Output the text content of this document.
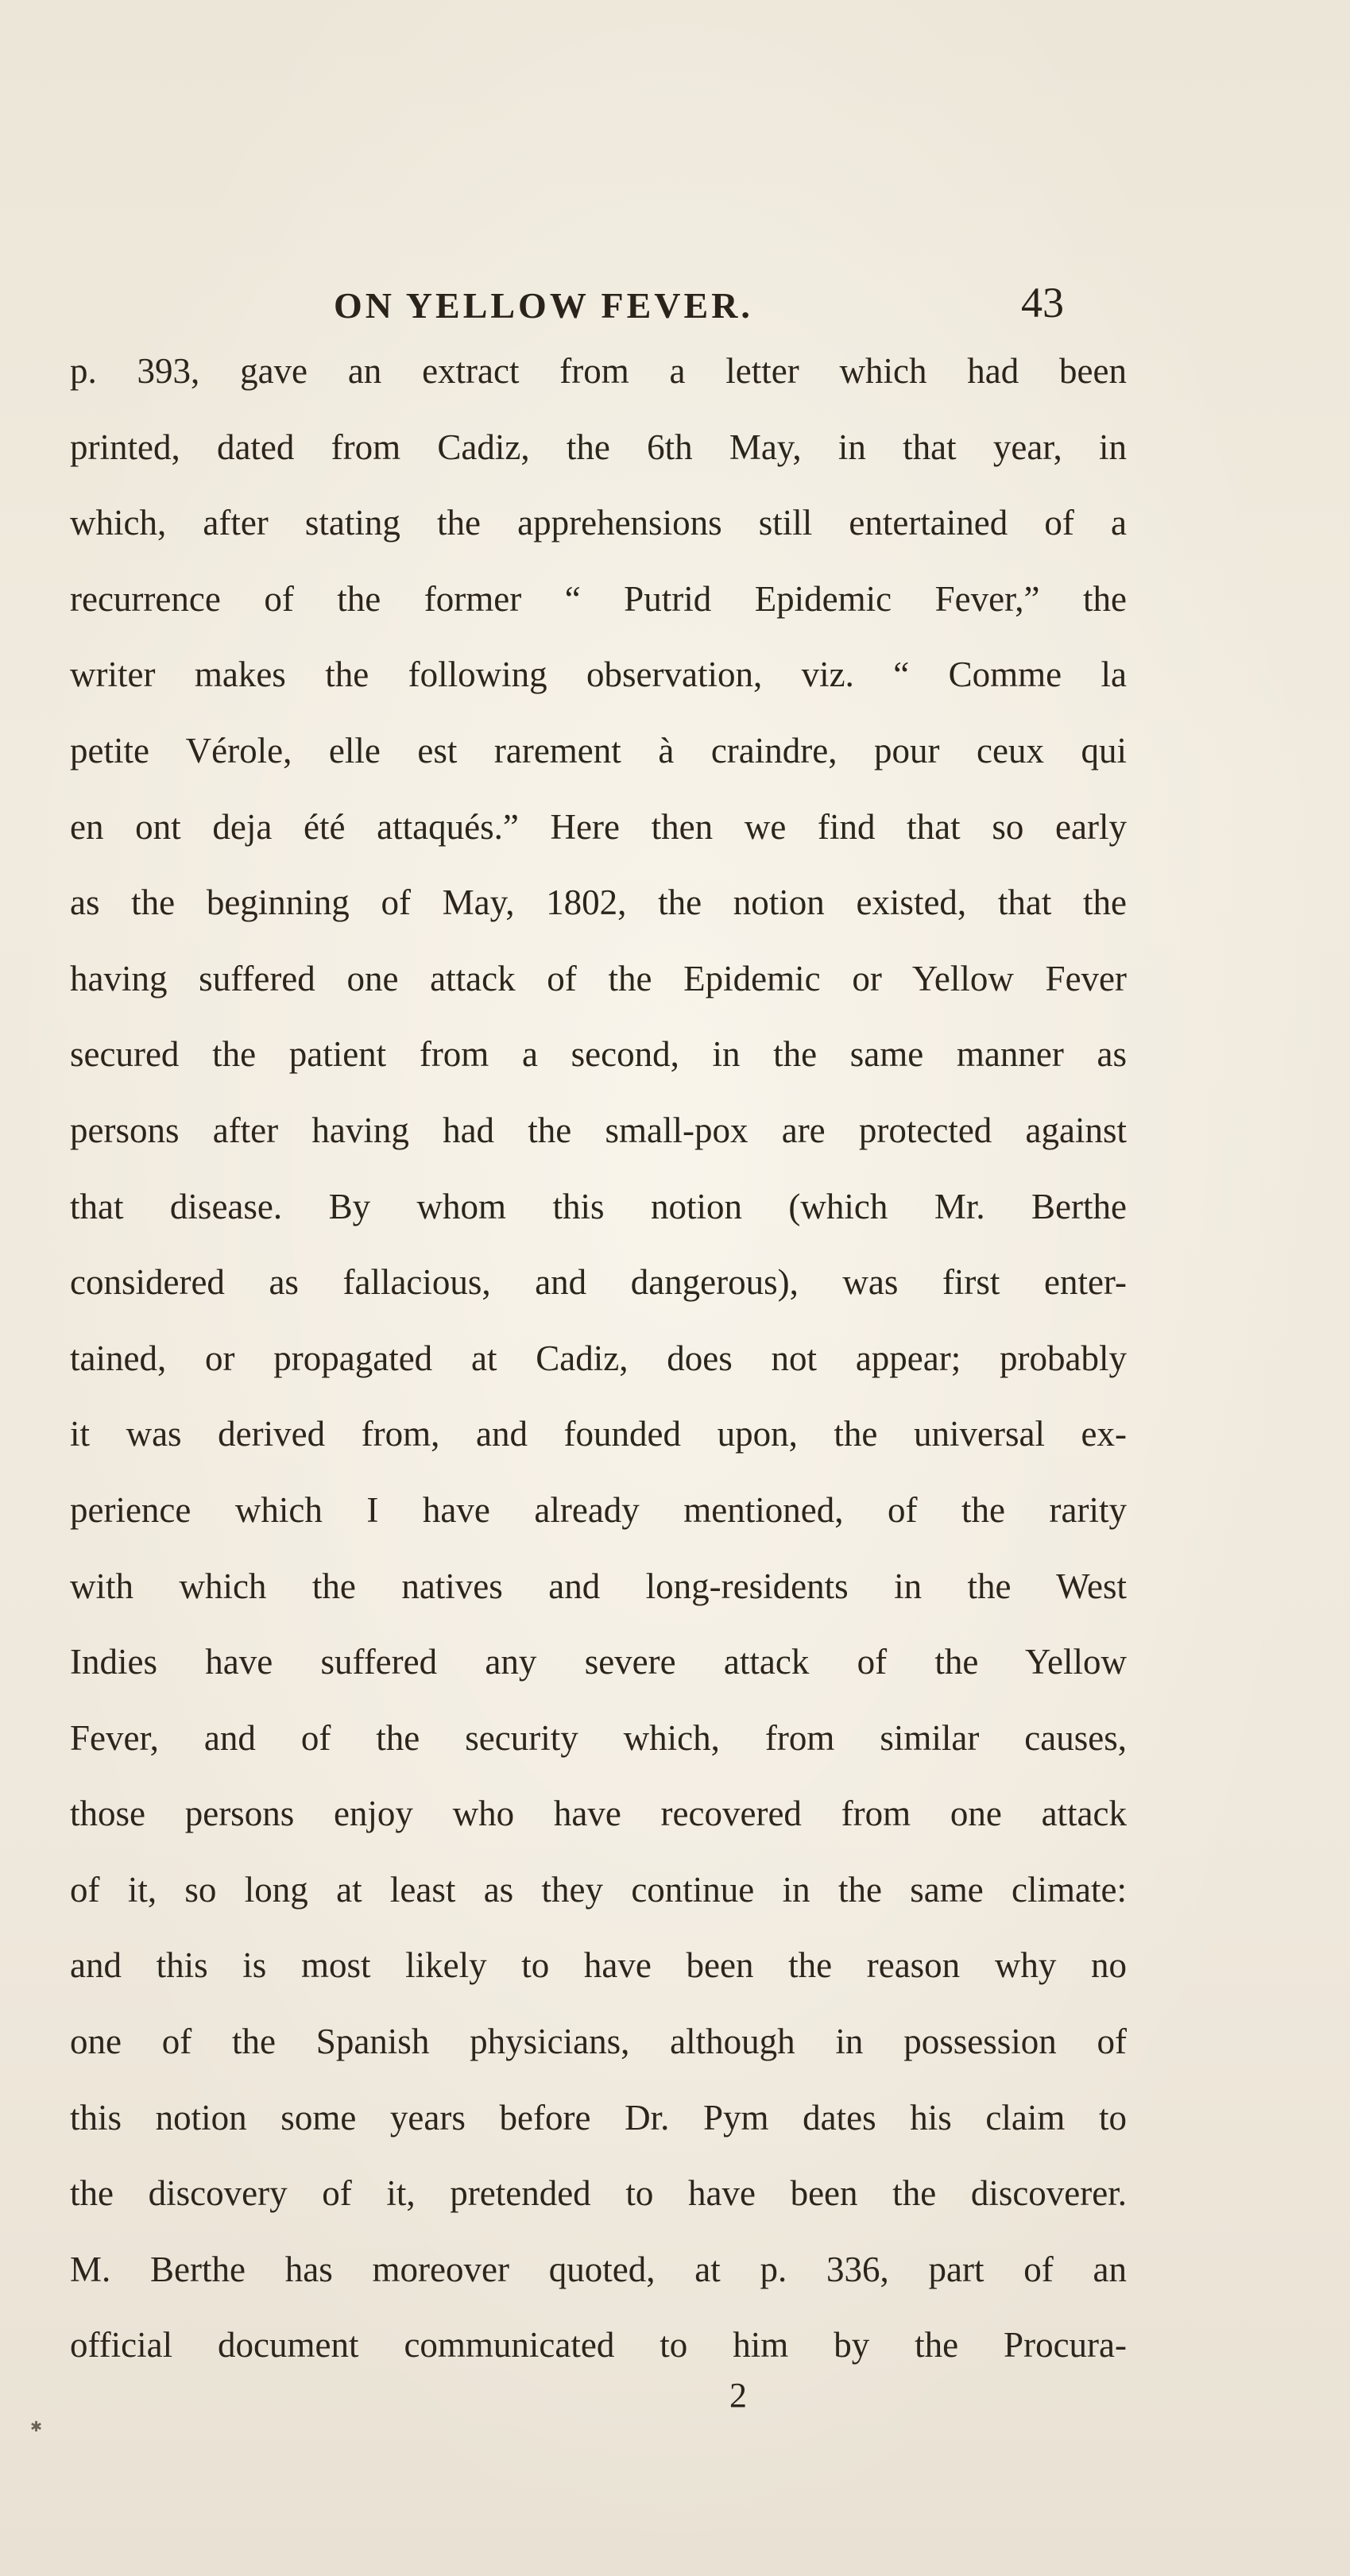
ON YELLOW FEVER.	43
p. 393, gave an extract from a letter which had been
printed, dated from Cadiz, the 6th May, in that year, in
which, after stating the apprehensions still entertained of a
recurrence of the former “ Putrid Epidemic Fever,” the
writer makes the following observation, viz. “ Comme la
petite Vérole, elle est rarement à craindre, pour ceux qui
en ont deja été attaqués.” Here then we find that so early
as the beginning of May, 1802, the notion existed, that the
having suffered one attack of the Epidemic or Yellow Fever
secured the patient from a second, in the same manner as
persons after having had the small-pox are protected against
that disease. By whom this notion (which Mr. Berthe
considered as fallacious, and dangerous), was first enter-
tained, or propagated at Cadiz, does not appear; probably
it was derived from, and founded upon, the universal ex-
perience which I have already mentioned, of the rarity
with which the natives and long-residents in the West
Indies have suffered any severe attack of the Yellow
Fever, and of the security which, from similar causes,
those persons enjoy who have recovered from one attack
of it, so long at least as they continue in the same climate:
and this is most likely to have been the reason why no
one of the Spanish physicians, although in possession of
this notion some years before Dr. Pym dates his claim to
the discovery of it, pretended to have been the discoverer.
M. Berthe has moreover quoted, at p. 336, part of an
official document communicated to him by the Procura-
2
✱
